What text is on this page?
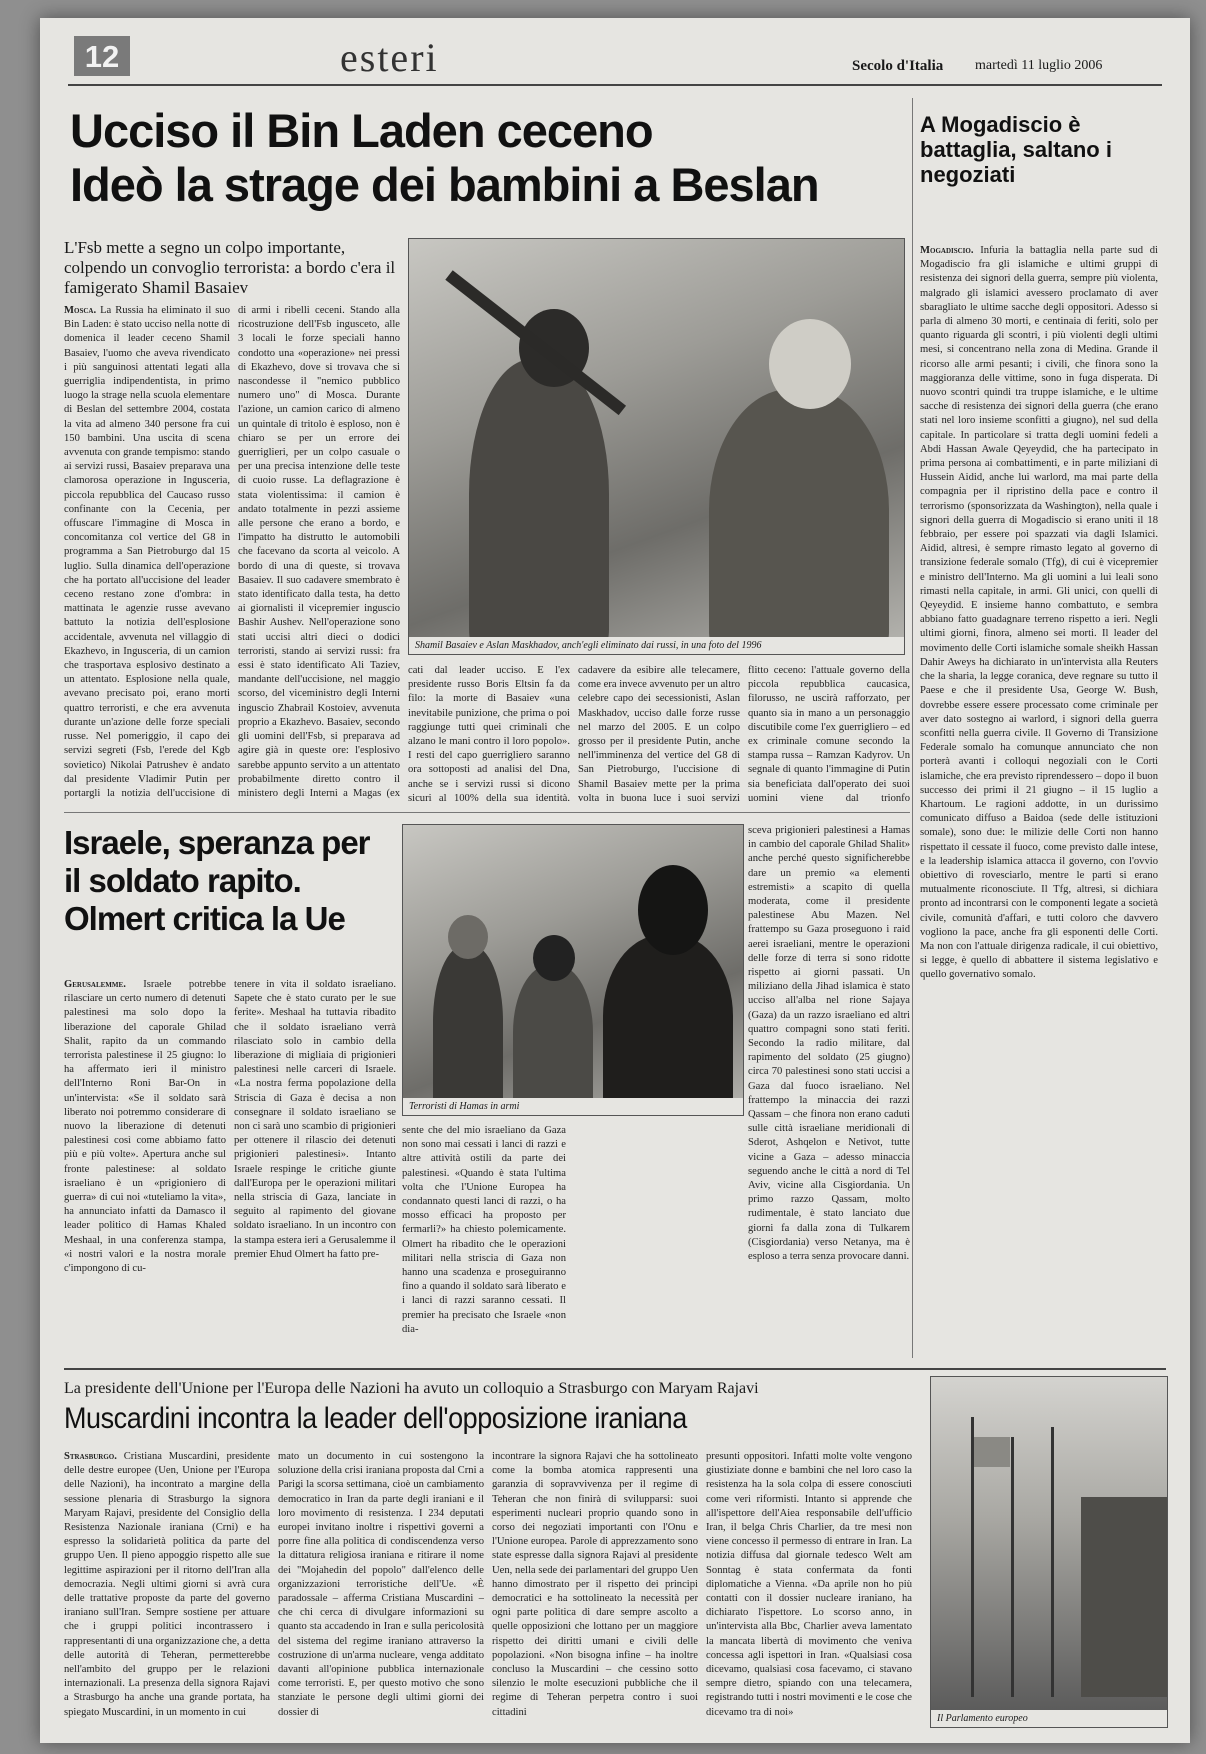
12	esteri	Secolo d'Italia martedì 11 luglio 2006
Ucciso il Bin Laden ceceno
Ideò la strage dei bambini a Beslan
L'Fsb mette a segno un colpo importante, colpendo un convoglio terrorista: a bordo c'era il famigerato Shamil Basaiev
Shamil Basaiev e Aslan Maskhadov, anch'egli eliminato dai russi, in una foto del 1996
Mosca. La Russia ha eliminato il suo Bin Laden: è stato ucciso nella notte di domenica il leader ceceno Shamil Basaiev, l'uomo che aveva rivendicato i più sanguinosi attentati legati alla guerriglia indipendentista, in primo luogo la strage nella scuola elementare di Beslan del settembre 2004, costata la vita ad almeno 340 persone fra cui 150 bambini. Una uscita di scena avvenuta con grande tempismo: stando ai servizi russi, Basaiev preparava una clamorosa operazione in Ingusceria, piccola repubblica del Caucaso russo confinante con la Cecenia, per offuscare l'immagine di Mosca in concomitanza col vertice del G8 in programma a San Pietroburgo dal 15 luglio. Sulla dinamica dell'operazione che ha portato all'uccisione del leader ceceno restano zone d'ombra: in mattinata le agenzie russe avevano battuto la notizia dell'esplosione accidentale, avvenuta nel villaggio di Ekazhevo, in Ingusceria, di un camion che trasportava esplosivo destinato a un attentato. Esplosione nella quale, avevano precisato poi, erano morti quattro terroristi, e che era avvenuta durante un'azione delle forze speciali russe. Nel pomeriggio, il capo dei servizi segreti (Fsb, l'erede del Kgb sovietico) Nikolai Patrushev è andato dal presidente Vladimir Putin per portargli la notizia dell'uccisione di
di armi i ribelli ceceni. Stando alla ricostruzione dell'Fsb ingusceto, alle 3 locali le forze speciali hanno condotto una «operazione» nei pressi di Ekazhevo, dove si trovava che si nascondesse il "nemico pubblico numero uno" di Mosca. Durante l'azione, un camion carico di almeno un quintale di tritolo è esploso, non è chiaro se per un errore dei guerriglieri, per un colpo casuale o per una precisa intenzione delle teste di cuoio russe. La deflagrazione è stata violentissima: il camion è andato totalmente in pezzi assieme alle persone che erano a bordo, e l'impatto ha distrutto le automobili che facevano da scorta al veicolo. A bordo di una di queste, si trovava Basaiev. Il suo cadavere smembrato è stato identificato dalla testa, ha detto ai giornalisti il vicepremier inguscio Bashir Aushev. Nell'operazione sono stati uccisi altri dieci o dodici terroristi, stando ai servizi russi: fra essi è stato identificato Ali Taziev, mandante dell'uccisione, nel maggio scorso, del viceministro degli Interni inguscio Zhabrail Kostoiev, avvenuta proprio a Ekazhevo. Basaiev, secondo gli uomini dell'Fsb, si preparava ad agire già in queste ore: l'esplosivo sarebbe appunto servito a un attentato probabilmente diretto contro il ministero degli Interni a Magas (ex
cati dal leader ucciso. E l'ex presidente russo Boris Eltsin fa da filo: la morte di Basaiev «una inevitabile punizione, che prima o poi raggiunge tutti quei criminali che alzano le mani contro il loro popolo». I resti del capo guerrigliero saranno ora sottoposti ad analisi del Dna, anche se i servizi russi si dicono sicuri al 100% della sua identità.
cadavere da esibire alle telecamere, come era invece avvenuto per un altro celebre capo dei secessionisti, Aslan Maskhadov, ucciso dalle forze russe nel marzo del 2005. E un colpo grosso per il presidente Putin, anche nell'imminenza del vertice del G8 di San Pietroburgo, l'uccisione di Shamil Basaiev mette per la prima volta in buona luce i suoi servizi
flitto ceceno: l'attuale governo della piccola repubblica caucasica, filorusso, ne uscirà rafforzato, per quanto sia in mano a un personaggio discutibile come l'ex guerrigliero – ed ex criminale comune secondo la stampa russa – Ramzan Kadyrov. Un segnale di quanto l'immagine di Putin sia beneficiata dall'operato dei suoi uomini viene dal trionfo
A Mogadiscio è battaglia, saltano i negoziati
Mogadiscio. Infuria la battaglia nella parte sud di Mogadiscio fra gli islamiche e ultimi gruppi di resistenza dei signori della guerra, sempre più violenta, malgrado gli islamici avessero proclamato di aver sbaragliato le ultime sacche degli oppositori. Adesso si parla di almeno 30 morti, e centinaia di feriti, solo per quanto riguarda gli scontri, i più violenti degli ultimi mesi, si concentrano nella zona di Medina. Grande il ricorso alle armi pesanti; i civili, che finora sono la maggioranza delle vittime, sono in fuga disperata. Di nuovo scontri quindi tra truppe islamiche, e le ultime sacche di resistenza dei signori della guerra (che erano stati nel loro insieme sconfitti a giugno), nel sud della capitale. In particolare si tratta degli uomini fedeli a Abdi Hassan Awale Qeyeydid, che ha partecipato in prima persona ai combattimenti, e in parte miliziani di Hussein Aidid, anche lui warlord, ma mai parte della compagnia per il ripristino della pace e contro il terrorismo (sponsorizzata da Washington), nella quale i signori della guerra di Mogadiscio si erano uniti il 18 febbraio, per essere poi spazzati via dagli Islamici. Aidid, altresì, è sempre rimasto legato al governo di transizione federale somalo (Tfg), di cui è vicepremier e ministro dell'Interno. Ma gli uomini a lui leali sono rimasti nella capitale, in armi. Gli unici, con quelli di Qeyeydid. E insieme hanno combattuto, e sembra abbiano fatto guadagnare terreno rispetto a ieri. Negli ultimi giorni, finora, almeno sei morti. Il leader del movimento delle Corti islamiche somale sheikh Hassan Dahir Aweys ha dichiarato in un'intervista alla Reuters che la sharia, la legge coranica, deve regnare su tutto il Paese e che il presidente Usa, George W. Bush, dovrebbe essere essere processato come criminale per aver dato sostegno ai warlord, i signori della guerra sconfitti nella guerra civile. Il Governo di Transizione Federale somalo ha comunque annunciato che non porterà avanti i colloqui negoziali con le Corti islamiche, che era previsto riprendessero – dopo il buon successo dei primi il 21 giugno – il 15 luglio a Khartoum. Le ragioni addotte, in un durissimo comunicato diffuso a Baidoa (sede delle istituzioni somale), sono due: le milizie delle Corti non hanno rispettato il cessate il fuoco, come previsto dalle intese, e la leadership islamica attacca il governo, con l'ovvio obiettivo di rovesciarlo, mentre le parti si erano mutualmente riconosciute. Il Tfg, altresì, si dichiara pronto ad incontrarsi con le componenti legate a società civile, comunità d'affari, e tutti coloro che davvero vogliono la pace, anche fra gli esponenti delle Corti. Ma non con l'attuale dirigenza radicale, il cui obiettivo, si legge, è quello di abbattere il sistema legislativo e quello governativo somalo.
Israele, speranza per il soldato rapito. Olmert critica la Ue
Terroristi di Hamas in armi
Gerusalemme. Israele potrebbe rilasciare un certo numero di detenuti palestinesi ma solo dopo la liberazione del caporale Ghilad Shalit, rapito da un commando terrorista palestinese il 25 giugno: lo ha affermato ieri il ministro dell'Interno Roni Bar-On in un'intervista: «Se il soldato sarà liberato noi potremmo considerare di nuovo la liberazione di detenuti palestinesi così come abbiamo fatto più e più volte». Apertura anche sul fronte palestinese: al soldato israeliano è un «prigioniero di guerra» di cui noi «tuteliamo la vita», ha annunciato infatti da Damasco il leader politico di Hamas Khaled Meshaal, in una conferenza stampa, «i nostri valori e la nostra morale c'impongono di cu-
tenere in vita il soldato israeliano. Sapete che è stato curato per le sue ferite». Meshaal ha tuttavia ribadito che il soldato israeliano verrà rilasciato solo in cambio della liberazione di migliaia di prigionieri palestinesi nelle carceri di Israele. «La nostra ferma popolazione della Striscia di Gaza è decisa a non consegnare il soldato israeliano se non ci sarà uno scambio di prigionieri per ottenere il rilascio dei detenuti prigionieri palestinesi». Intanto Israele respinge le critiche giunte dall'Europa per le operazioni militari nella striscia di Gaza, lanciate in seguito al rapimento del giovane soldato israeliano. In un incontro con la stampa estera ieri a Gerusalemme il premier Ehud Olmert ha fatto pre-
sente che del mio israeliano da Gaza non sono mai cessati i lanci di razzi e altre attività ostili da parte dei palestinesi. «Quando è stata l'ultima volta che l'Unione Europea ha condannato questi lanci di razzi, o ha mosso efficaci ha proposto per fermarli?» ha chiesto polemicamente. Olmert ha ribadito che le operazioni militari nella striscia di Gaza non hanno una scadenza e proseguiranno fino a quando il soldato sarà liberato e i lanci di razzi saranno cessati. Il premier ha precisato che Israele «non dia-
sceva prigionieri palestinesi a Hamas in cambio del caporale Ghilad Shalit» anche perché questo significherebbe dare un premio «a elementi estremisti» a scapito di quella moderata, come il presidente palestinese Abu Mazen. Nel frattempo su Gaza proseguono i raid aerei israeliani, mentre le operazioni delle forze di terra si sono ridotte rispetto ai giorni passati. Un miliziano della Jihad islamica è stato ucciso all'alba nel rione Sajaya (Gaza) da un razzo israeliano ed altri quattro compagni sono stati feriti. Secondo la radio militare, dal rapimento del soldato (25 giugno) circa 70 palestinesi sono stati uccisi a Gaza dal fuoco israeliano. Nel frattempo la minaccia dei razzi Qassam – che finora non erano caduti sulle città israeliane meridionali di Sderot, Ashqelon e Netivot, tutte vicine a Gaza – adesso minaccia seguendo anche le città a nord di Tel Aviv, vicine alla Cisgiordania. Un primo razzo Qassam, molto rudimentale, è stato lanciato due giorni fa dalla zona di Tulkarem (Cisgiordania) verso Netanya, ma è esploso a terra senza provocare danni.
La presidente dell'Unione per l'Europa delle Nazioni ha avuto un colloquio a Strasburgo con Maryam Rajavi
Muscardini incontra la leader dell'opposizione iraniana
Il Parlamento europeo
Strasburgo. Cristiana Muscardini, presidente delle destre europee (Uen, Unione per l'Europa delle Nazioni), ha incontrato a margine della sessione plenaria di Strasburgo la signora Maryam Rajavi, presidente del Consiglio della Resistenza Nazionale iraniana (Crni) e ha espresso la solidarietà politica da parte del gruppo Uen. Il pieno appoggio rispetto alle sue legittime aspirazioni per il ritorno dell'Iran alla democrazia. Negli ultimi giorni si avrà cura delle trattative proposte da parte del governo iraniano sull'Iran. Sempre sostiene per attuare che i gruppi politici incontrassero i rappresentanti di una organizzazione che, a detta delle autorità di Teheran, permetterebbe nell'ambito del gruppo per le relazioni internazionali. La presenza della signora Rajavi a Strasburgo ha anche una grande portata, ha spiegato Muscardini, in un momento in cui
mato un documento in cui sostengono la soluzione della crisi iraniana proposta dal Crni a Parigi la scorsa settimana, cioè un cambiamento democratico in Iran da parte degli iraniani e il loro movimento di resistenza. I 234 deputati europei invitano inoltre i rispettivi governi a porre fine alla politica di condiscendenza verso la dittatura religiosa iraniana e ritirare il nome dei "Mojahedin del popolo" dall'elenco delle organizzazioni terroristiche dell'Ue. «È paradossale – afferma Cristiana Muscardini – che chi cerca di divulgare informazioni su quanto sta accadendo in Iran e sulla pericolosità del sistema del regime iraniano attraverso la costruzione di un'arma nucleare, venga additato davanti all'opinione pubblica internazionale come terroristi. E, per questo motivo che sono stanziate le persone degli ultimi giorni dei dossier di
incontrare la signora Rajavi che ha sottolineato come la bomba atomica rappresenti una garanzia di sopravvivenza per il regime di Teheran che non finirà di svilupparsi: suoi esperimenti nucleari proprio quando sono in corso dei negoziati importanti con l'Onu e l'Unione europea. Parole di apprezzamento sono state espresse dalla signora Rajavi al presidente Uen, nella sede dei parlamentari del gruppo Uen hanno dimostrato per il rispetto dei principi democratici e ha sottolineato la necessità per ogni parte politica di dare sempre ascolto a quelle opposizioni che lottano per un maggiore rispetto dei diritti umani e civili delle popolazioni. «Non bisogna infine – ha inoltre concluso la Muscardini – che cessino sotto silenzio le molte esecuzioni pubbliche che il regime di Teheran perpetra contro i suoi cittadini
presunti oppositori. Infatti molte volte vengono giustiziate donne e bambini che nel loro caso la resistenza ha la sola colpa di essere conosciuti come veri riformisti. Intanto si apprende che all'ispettore dell'Aiea responsabile dell'ufficio Iran, il belga Chris Charlier, da tre mesi non viene concesso il permesso di entrare in Iran. La notizia diffusa dal giornale tedesco Welt am Sonntag è stata confermata da fonti diplomatiche a Vienna. «Da aprile non ho più contatti con il dossier nucleare iraniano, ha dichiarato l'ispettore. Lo scorso anno, in un'intervista alla Bbc, Charlier aveva lamentato la mancata libertà di movimento che veniva concessa agli ispettori in Iran. «Qualsiasi cosa dicevamo, qualsiasi cosa facevamo, ci stavano sempre dietro, spiando con una telecamera, registrando tutti i nostri movimenti e le cose che dicevamo tra di noi»
